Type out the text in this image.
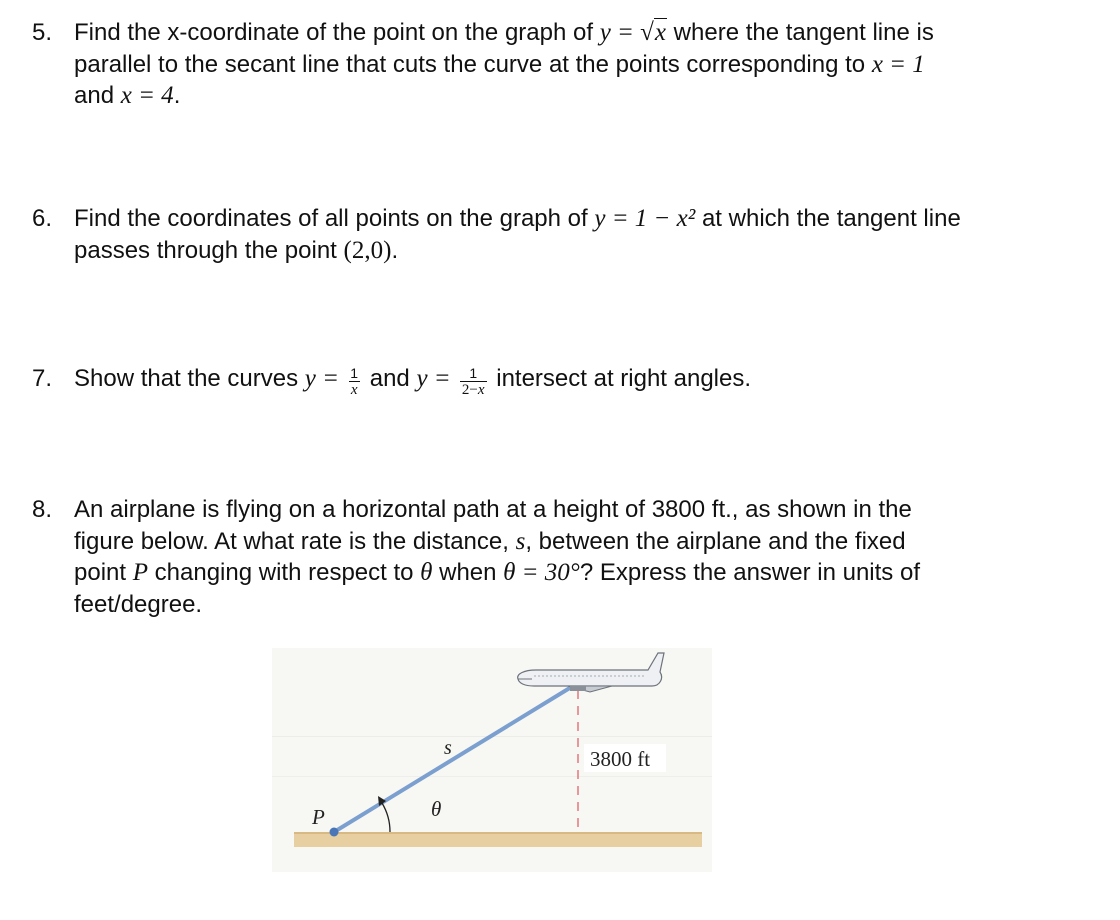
5. Find the x-coordinate of the point on the graph of y = √x where the tangent line is
parallel to the secant line that cuts the curve at the points corresponding to x = 1
and x = 4.
6. Find the coordinates of all points on the graph of y = 1 − x² at which the tangent line
passes through the point (2,0).
7. Show that the curves $y = \frac{1}{x}$ and $y = \frac{1}{2-x}$ intersect at right angles.
8. An airplane is flying on a horizontal path at a height of 3800 ft., as shown in the
figure below. At what rate is the distance, s, between the airplane and the fixed
point P changing with respect to θ when θ = 30°? Express the answer in units of
feet/degree.
P
s
θ
3800 ft
